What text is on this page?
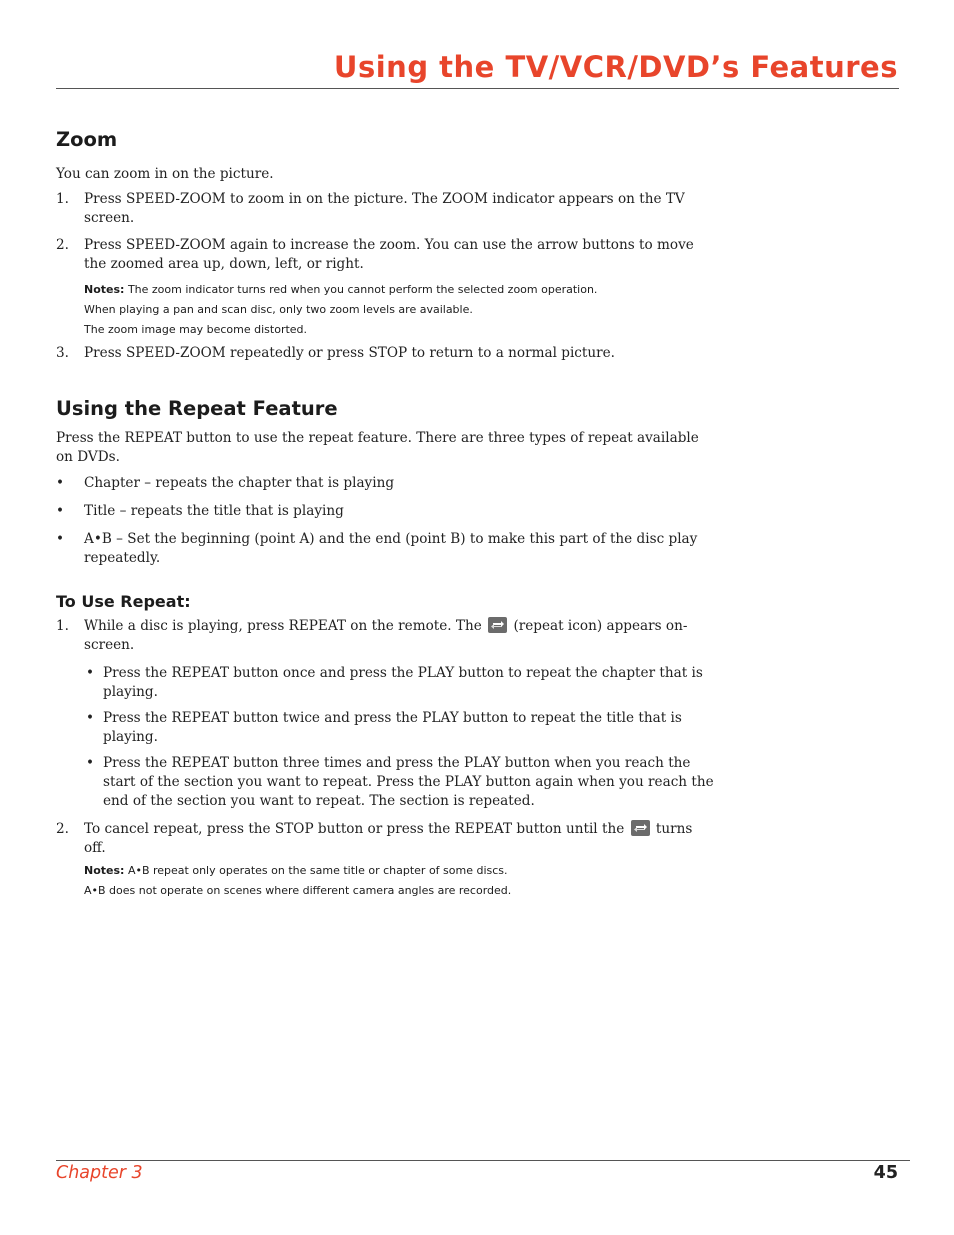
Using the TV/VCR/DVD’s Features
Zoom

You can zoom in on the picture.

1. Press SPEED-ZOOM to zoom in on the picture. The ZOOM indicator appears on the TV screen.
2. Press SPEED-ZOOM again to increase the zoom. You can use the arrow buttons to move the zoomed area up, down, left, or right.
Notes: The zoom indicator turns red when you cannot perform the selected zoom operation.
When playing a pan and scan disc, only two zoom levels are available.
The zoom image may become distorted.
3. Press SPEED-ZOOM repeatedly or press STOP to return to a normal picture.
Using the Repeat Feature

Press the REPEAT button to use the repeat feature. There are three types of repeat available on DVDs.

• Chapter – repeats the chapter that is playing
• Title – repeats the title that is playing
• A•B – Set the beginning (point A) and the end (point B) to make this part of the disc play repeatedly.
To Use Repeat:
1. While a disc is playing, press REPEAT on the remote. The (repeat icon) appears on-screen.
• Press the REPEAT button once and press the PLAY button to repeat the chapter that is playing.
• Press the REPEAT button twice and press the PLAY button to repeat the title that is playing.
• Press the REPEAT button three times and press the PLAY button when you reach the start of the section you want to repeat. Press the PLAY button again when you reach the end of the section you want to repeat. The section is repeated.
2. To cancel repeat, press the STOP button or press the REPEAT button until the turns off.
Notes: A•B repeat only operates on the same title or chapter of some discs.
A•B does not operate on scenes where different camera angles are recorded.
Chapter 3	45
